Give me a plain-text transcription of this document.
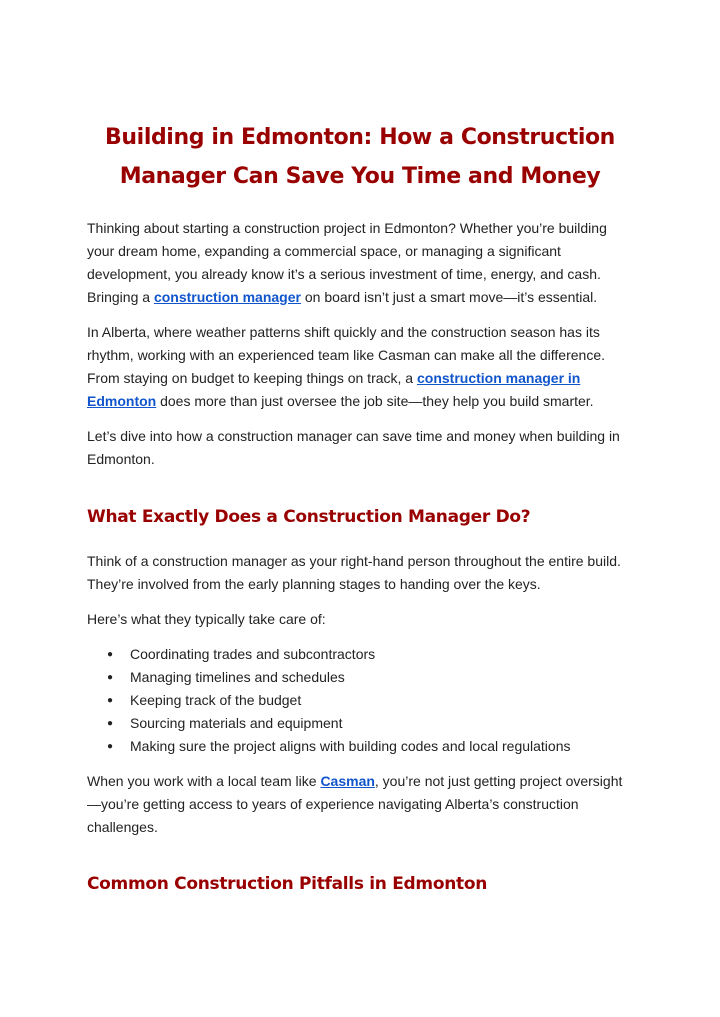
Building in Edmonton: How a Construction
Manager Can Save You Time and Money

Thinking about starting a construction project in Edmonton? Whether you’re building your dream home, expanding a commercial space, or managing a significant development, you already know it’s a serious investment of time, energy, and cash. Bringing a construction manager on board isn’t just a smart move—it’s essential.

In Alberta, where weather patterns shift quickly and the construction season has its rhythm, working with an experienced team like Casman can make all the difference. From staying on budget to keeping things on track, a construction manager in Edmonton does more than just oversee the job site—they help you build smarter.

Let’s dive into how a construction manager can save time and money when building in Edmonton.

What Exactly Does a Construction Manager Do?

Think of a construction manager as your right-hand person throughout the entire build. They’re involved from the early planning stages to handing over the keys.

Here’s what they typically take care of:

● Coordinating trades and subcontractors
● Managing timelines and schedules
● Keeping track of the budget
● Sourcing materials and equipment
● Making sure the project aligns with building codes and local regulations

When you work with a local team like Casman, you’re not just getting project oversight—you’re getting access to years of experience navigating Alberta’s construction challenges.

Common Construction Pitfalls in Edmonton
